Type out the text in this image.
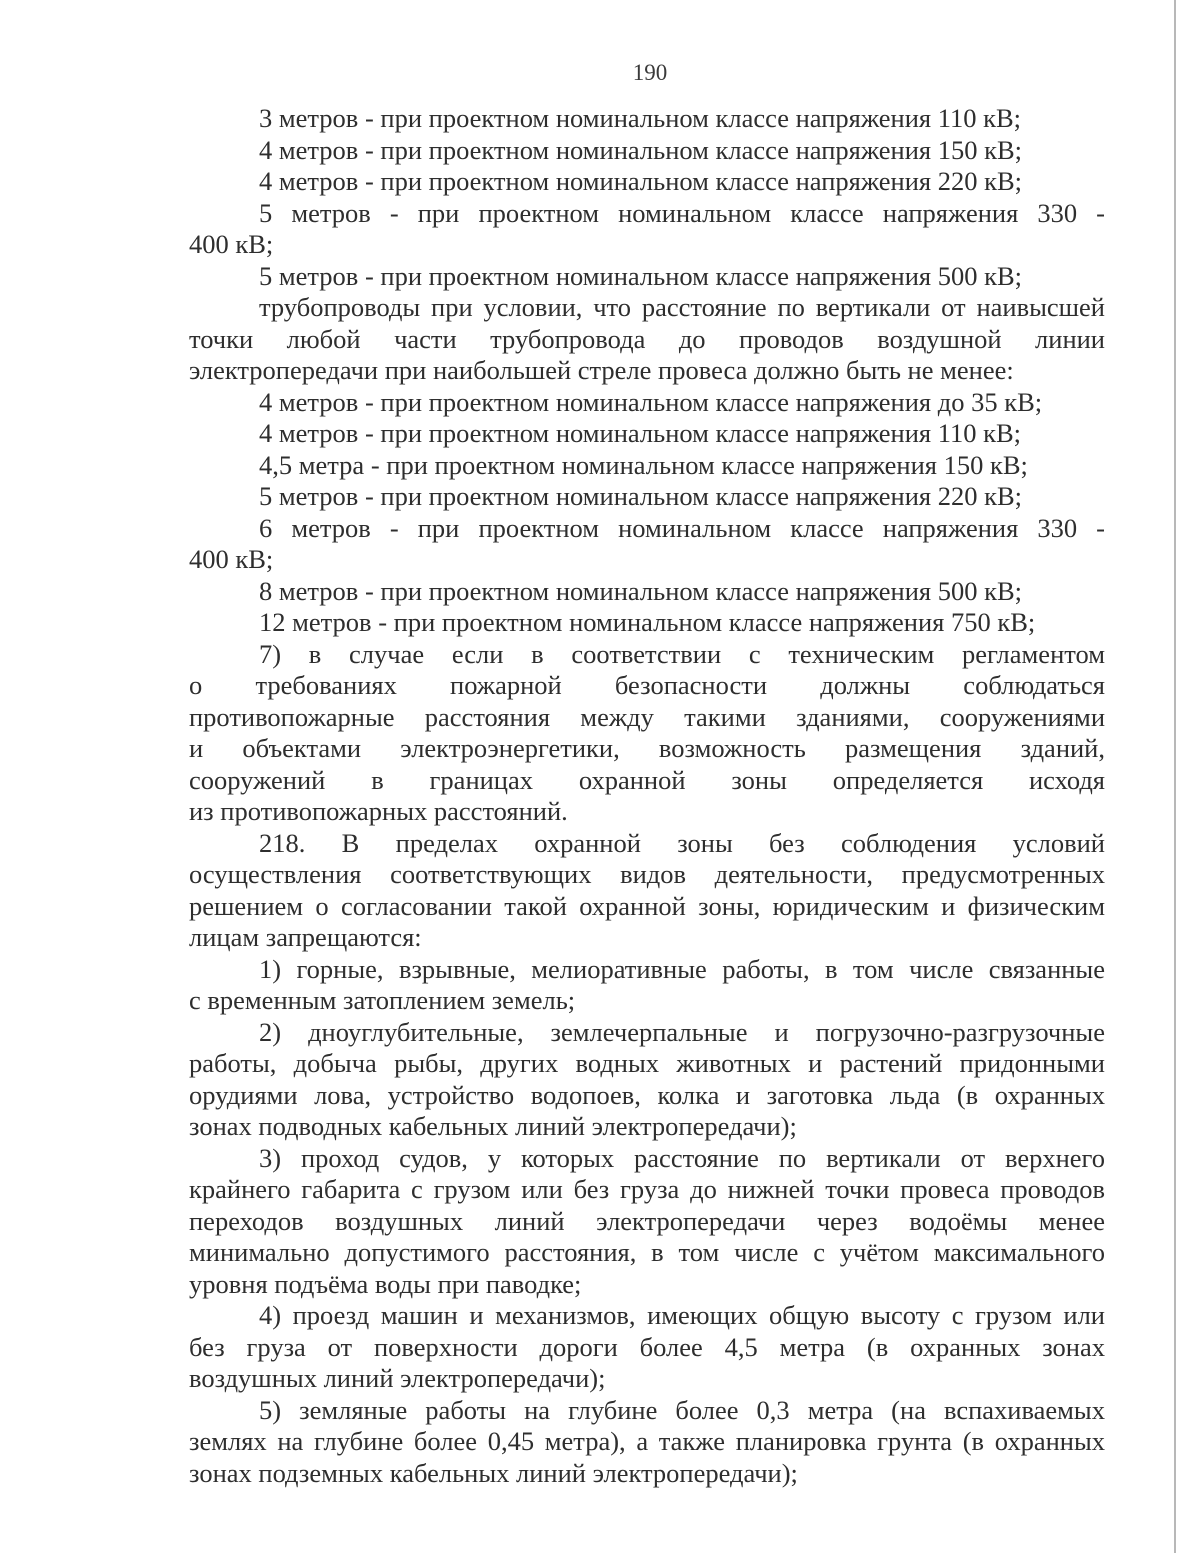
190
3 метров - при проектном номинальном классе напряжения 110 кВ;
4 метров - при проектном номинальном классе напряжения 150 кВ;
4 метров - при проектном номинальном классе напряжения 220 кВ;
5 метров - при проектном номинальном классе напряжения 330 -
400 кВ;
5 метров - при проектном номинальном классе напряжения 500 кВ;
трубопроводы при условии, что расстояние по вертикали от наивысшей
точки любой части трубопровода до проводов воздушной линии
электропередачи при наибольшей стреле провеса должно быть не менее:
4 метров - при проектном номинальном классе напряжения до 35 кВ;
4 метров - при проектном номинальном классе напряжения 110 кВ;
4,5 метра - при проектном номинальном классе напряжения 150 кВ;
5 метров - при проектном номинальном классе напряжения 220 кВ;
6 метров - при проектном номинальном классе напряжения 330 -
400 кВ;
8 метров - при проектном номинальном классе напряжения 500 кВ;
12 метров - при проектном номинальном классе напряжения 750 кВ;
7) в случае если в соответствии с техническим регламентом
о требованиях пожарной безопасности должны соблюдаться
противопожарные расстояния между такими зданиями, сооружениями
и объектами электроэнергетики, возможность размещения зданий,
сооружений в границах охранной зоны определяется исходя
из противопожарных расстояний.
218. В пределах охранной зоны без соблюдения условий
осуществления соответствующих видов деятельности, предусмотренных
решением о согласовании такой охранной зоны, юридическим и физическим
лицам запрещаются:
1) горные, взрывные, мелиоративные работы, в том числе связанные
с временным затоплением земель;
2) дноуглубительные, землечерпальные и погрузочно-разгрузочные
работы, добыча рыбы, других водных животных и растений придонными
орудиями лова, устройство водопоев, колка и заготовка льда (в охранных
зонах подводных кабельных линий электропередачи);
3) проход судов, у которых расстояние по вертикали от верхнего
крайнего габарита с грузом или без груза до нижней точки провеса проводов
переходов воздушных линий электропередачи через водоёмы менее
минимально допустимого расстояния, в том числе с учётом максимального
уровня подъёма воды при паводке;
4) проезд машин и механизмов, имеющих общую высоту с грузом или
без груза от поверхности дороги более 4,5 метра (в охранных зонах
воздушных линий электропередачи);
5) земляные работы на глубине более 0,3 метра (на вспахиваемых
землях на глубине более 0,45 метра), а также планировка грунта (в охранных
зонах подземных кабельных линий электропередачи);
